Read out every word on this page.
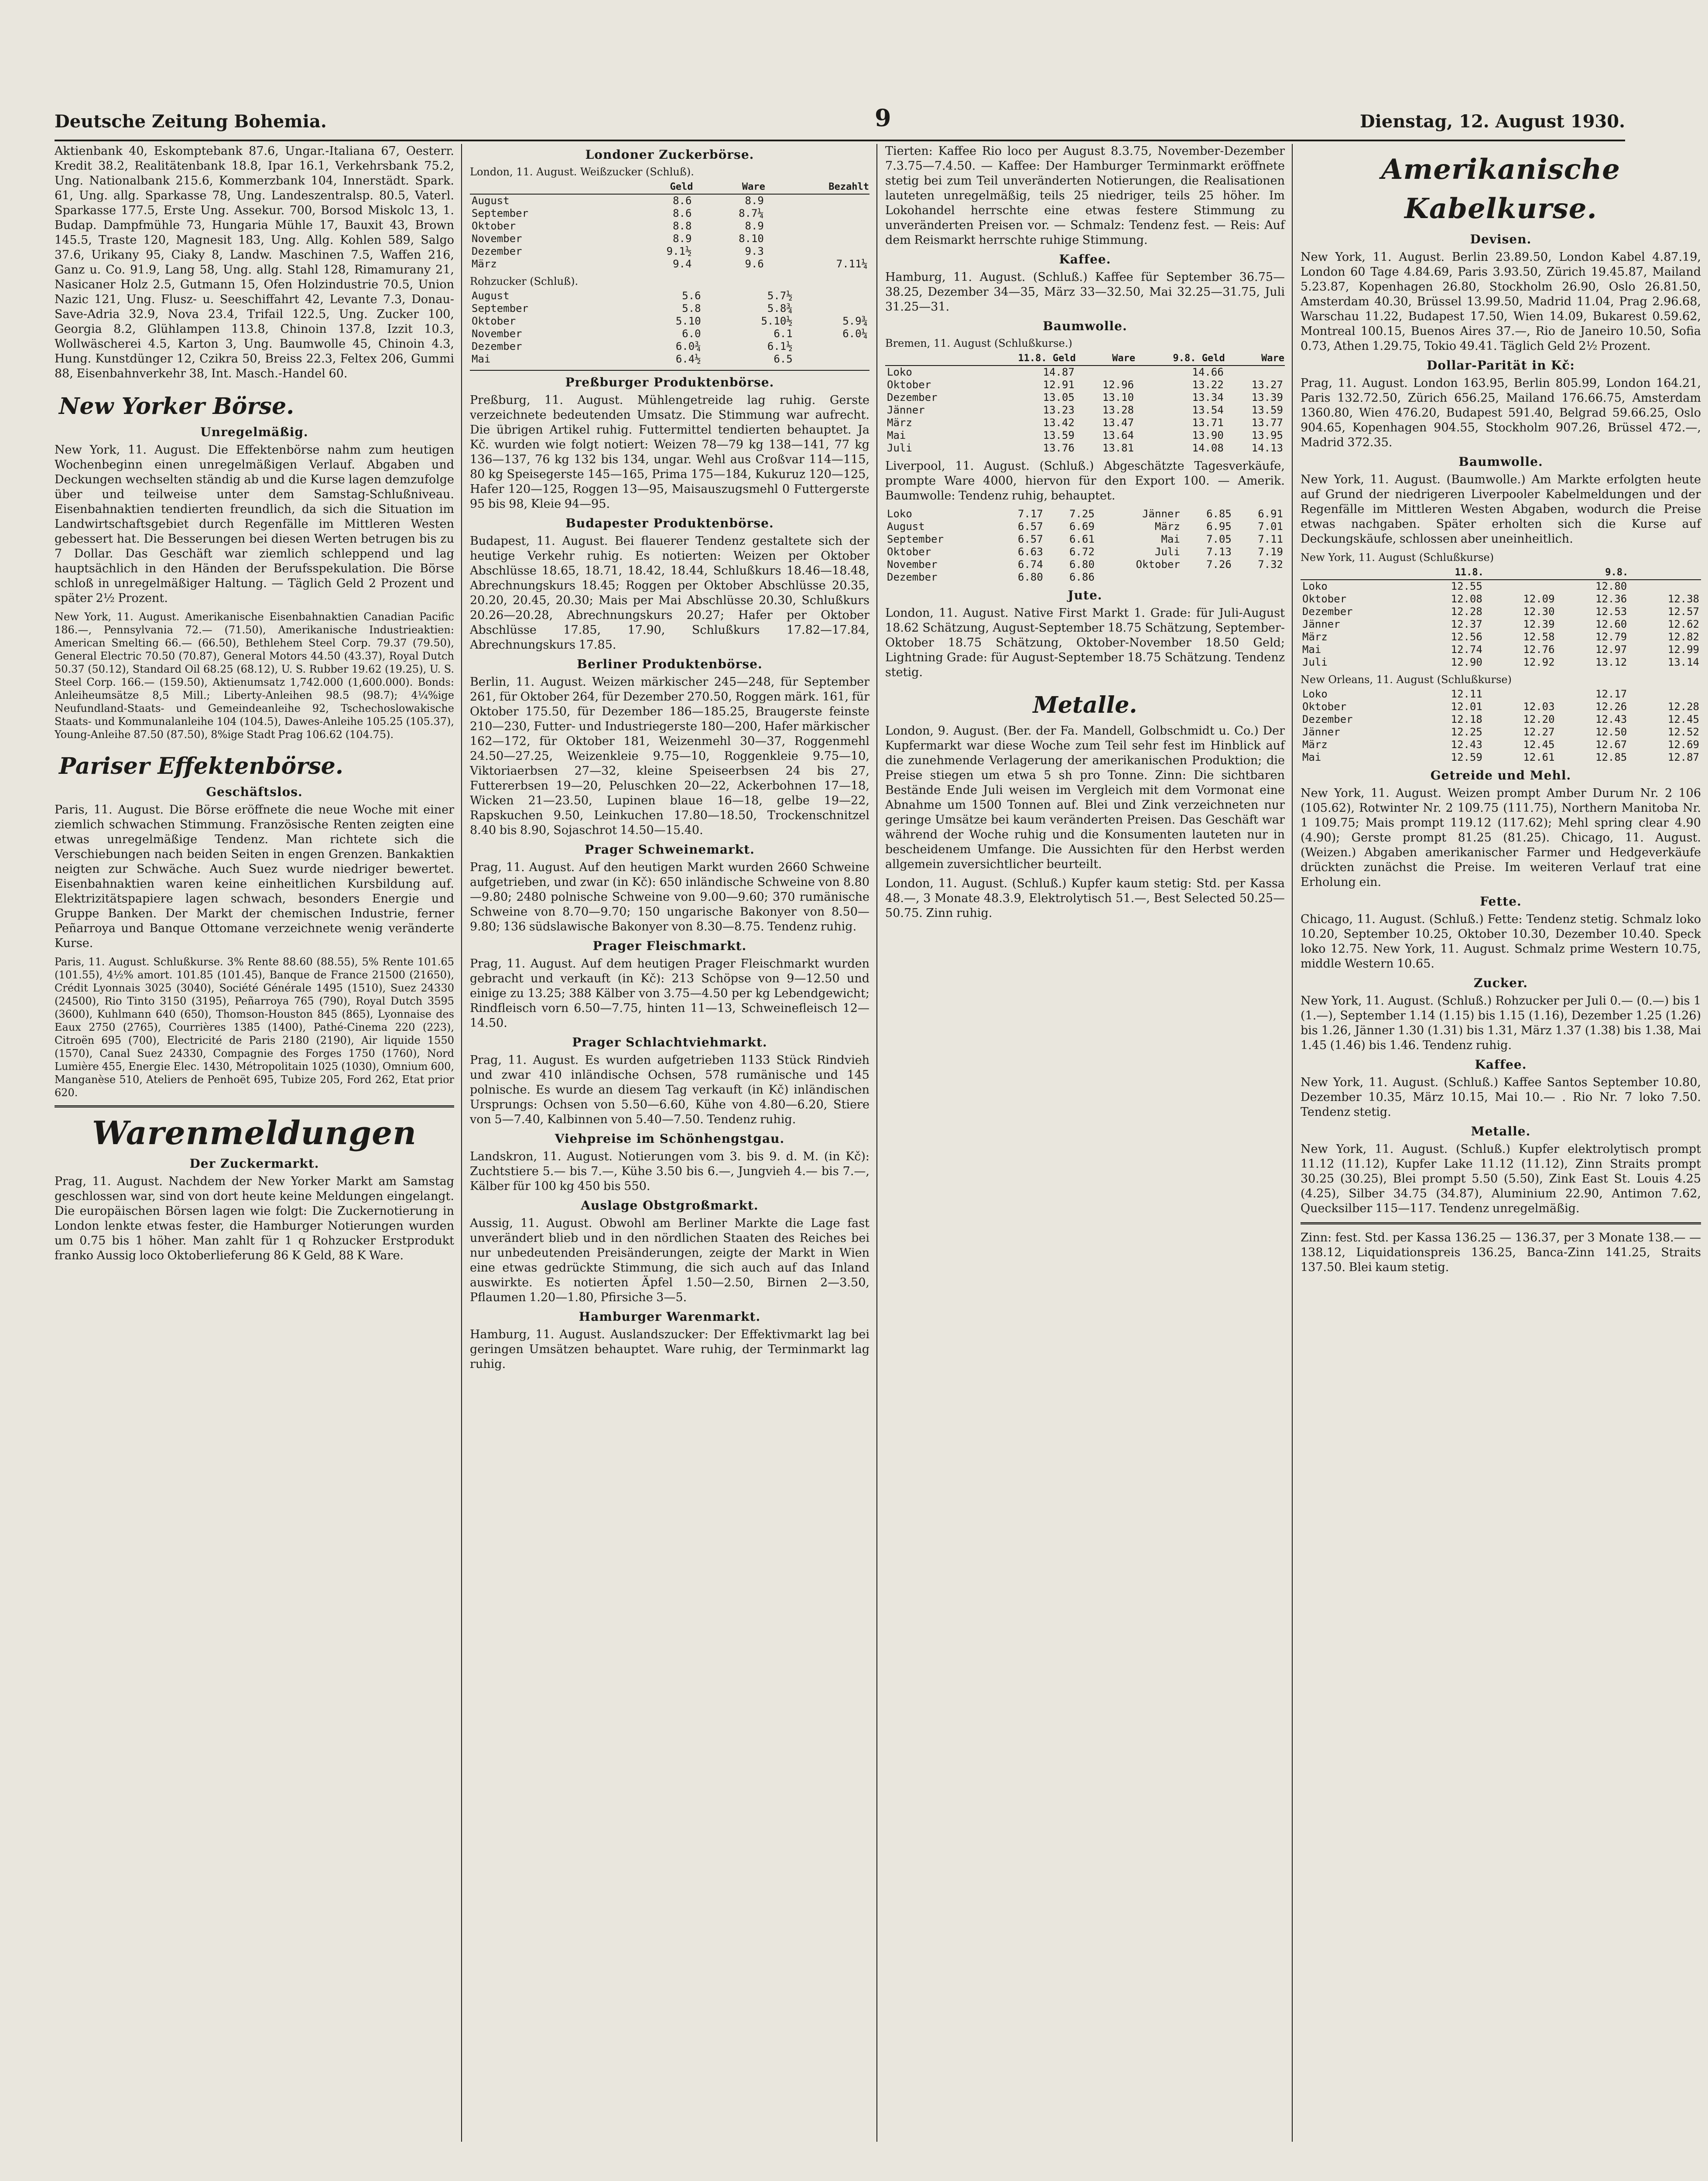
Deutsche Zeitung Bohemia.	9	Dienstag, 12. August 1930.

Aktienbank 40, Eskomptebank 87.6, Ungar.-Italiana 67, Oesterr. Kredit 38.2, Realitätenbank 18.8, Ipar 16.1, Verkehrsbank 75.2, Ung. Nationalbank 215.6, Kommerzbank 104, Innerstädt. Spark. 61, Ung. allg. Sparkasse 78, Ung. Landeszentralsp. 80.5, Vaterl. Sparkasse 177.5, Erste Ung. Assekur. 700, Borsod Miskolc 13, 1. Budap. Dampfmühle 73, Hungaria Mühle 17, Bauxit 43, Brown 145.5, Traste 120, Magnesit 183, Ung. Allg. Kohlen 589, Salgo 37.6, Urikany 95, Ciaky 8, Landw. Maschinen 7.5, Waffen 216, Ganz u. Co. 91.9, Lang 58, Ung. allg. Stahl 128, Rimamurany 21, Nasicaner Holz 2.5, Gutmann 15, Ofen Holzindustrie 70.5, Union Nazic 121, Ung. Flusz- u. Seeschiffahrt 42, Levante 7.3, Donau-Save-Adria 32.9, Nova 23.4, Trifail 122.5, Ung. Zucker 100, Georgia 8.2, Glühlampen 113.8, Chinoin 137.8, Izzit 10.3, Wollwäscherei 4.5, Karton 3, Ung. Baumwolle 45, Chinoin 4.3, Hung. Kunstdünger 12, Czikra 50, Breiss 22.3, Feltex 206, Gummi 88, Eisenbahnverkehr 38, Int. Masch.-Handel 60.

New Yorker Börse.
Unregelmäßig.

New York, 11. August. Die Effektenbörse nahm zum heutigen Wochenbeginn einen unregelmäßigen Verlauf. Abgaben und Deckungen wechselten ständig ab und die Kurse lagen demzufolge über und teilweise unter dem Samstag-Schlußniveau. Eisenbahnaktien tendierten freundlich, da sich die Situation im Landwirtschaftsgebiet durch Regenfälle im Mittleren Westen gebessert hat. Die Besserungen bei diesen Werten betrugen bis zu 7 Dollar. Das Geschäft war ziemlich schleppend und lag hauptsächlich in den Händen der Berufsspekulation. Die Börse schloß in unregelmäßiger Haltung. — Täglich Geld 2 Prozent und später 2½ Prozent.

New York, 11. August. Amerikanische Eisenbahnaktien Canadian Pacific 186.—, Pennsylvania 72.— (71.50), Amerikanische Industrieaktien: American Smelting 66.— (66.50), Bethlehem Steel Corp. 79.37 (79.50), General Electric 70.50 (70.87), General Motors 44.50 (43.37), Royal Dutch 50.37 (50.12), Standard Oil 68.25 (68.12), U. S. Rubber 19.62 (19.25), U. S. Steel Corp. 166.— (159.50), Aktienumsatz 1,742.000 (1,600.000). Bonds: Anleiheumsätze 8,5 Mill.; Liberty-Anleihen 98.5 (98.7); 4¼%ige Neufundland-Staats- und Gemeindeanleihe 92, Tschechoslowakische Staats- und Kommunalanleihe 104 (104.5), Dawes-Anleihe 105.25 (105.37), Young-Anleihe 87.50 (87.50), 8%ige Stadt Prag 106.62 (104.75).

Pariser Effektenbörse.
Geschäftslos.

Paris, 11. August. Die Börse eröffnete die neue Woche mit einer ziemlich schwachen Stimmung. Französische Renten zeigten eine etwas unregelmäßige Tendenz. Man richtete sich die Verschiebungen nach beiden Seiten in engen Grenzen. Bankaktien neigten zur Schwäche. Auch Suez wurde niedriger bewertet. Eisenbahnaktien waren keine einheitlichen Kursbildung auf. Elektrizitätspapiere lagen schwach, besonders Energie und Gruppe Banken. Der Markt der chemischen Industrie, ferner Peñarroya und Banque Ottomane verzeichnete wenig veränderte Kurse.

Paris, 11. August. Schlußkurse. 3% Rente 88.60 (88.55), 5% Rente 101.65 (101.55), 4½% amort. 101.85 (101.45), Banque de France 21500 (21650), Crédit Lyonnais 3025 (3040), Société Générale 1495 (1510), Suez 24330 (24500), Rio Tinto 3150 (3195), Peñarroya 765 (790), Royal Dutch 3595 (3600), Kuhlmann 640 (650), Thomson-Houston 845 (865), Lyonnaise des Eaux 2750 (2765), Courrières 1385 (1400), Pathé-Cinema 220 (223), Citroën 695 (700), Electricité de Paris 2180 (2190), Air liquide 1550 (1570), Canal Suez 24330, Compagnie des Forges 1750 (1760), Nord Lumière 455, Energie Elec. 1430, Métropolitain 1025 (1030), Omnium 600, Manganèse 510, Ateliers de Penhoët 695, Tubize 205, Ford 262, Etat prior 620.

Warenmeldungen
Der Zuckermarkt.

Prag, 11. August. Nachdem der New Yorker Markt am Samstag geschlossen war, sind von dort heute keine Meldungen eingelangt. Die europäischen Börsen lagen wie folgt: Die Zuckernotierung in London lenkte etwas fester, die Hamburger Notierungen wurden um 0.75 bis 1 höher. Man zahlt für 1 q Rohzucker Erstprodukt franko Aussig loco Oktoberlieferung 86 K Geld, 88 K Ware.

Londoner Zuckerbörse.
London, 11. August. Weißzucker (Schluß).
	Geld	Ware	Bezahlt
August	8.6	8.9	
September	8.6	8.7¼	
Oktober	8.8	8.9	
November	8.9	8.10	
Dezember	9.1½	9.3	
März	9.4	9.6	7.11¼
Rohzucker (Schluß).
August	5.6	5.7½	
September	5.8	5.8¾	
Oktober	5.10	5.10½	5.9¾
November	6.0	6.1	6.0¼
Dezember	6.0¾	6.1½	
Mai	6.4½	6.5	
Preßburger Produktenbörse.

Preßburg, 11. August. Mühlengetreide lag ruhig. Gerste verzeichnete bedeutenden Umsatz. Die Stimmung war aufrecht. Die übrigen Artikel ruhig. Futtermittel tendierten behauptet. Ja Kč. wurden wie folgt notiert: Weizen 78—79 kg 138—141, 77 kg 136—137, 76 kg 132 bis 134, ungar. Wehl aus Croßvar 114—115, 80 kg Speisegerste 145—165, Prima 175—184, Kukuruz 120—125, Hafer 120—125, Roggen 13—95, Maisauszugsmehl 0 Futtergerste 95 bis 98, Kleie 94—95.

Budapester Produktenbörse.

Budapest, 11. August. Bei flauerer Tendenz gestaltete sich der heutige Verkehr ruhig. Es notierten: Weizen per Oktober Abschlüsse 18.65, 18.71, 18.42, 18.44, Schlußkurs 18.46—18.48, Abrechnungskurs 18.45; Roggen per Oktober Abschlüsse 20.35, 20.20, 20.45, 20.30; Mais per Mai Abschlüsse 20.30, Schlußkurs 20.26—20.28, Abrechnungskurs 20.27; Hafer per Oktober Abschlüsse 17.85, 17.90, Schlußkurs 17.82—17.84, Abrechnungskurs 17.85.

Berliner Produktenbörse.

Berlin, 11. August. Weizen märkischer 245—248, für September 261, für Oktober 264, für Dezember 270.50, Roggen märk. 161, für Oktober 175.50, für Dezember 186—185.25, Braugerste feinste 210—230, Futter- und Industriegerste 180—200, Hafer märkischer 162—172, für Oktober 181, Weizenmehl 30—37, Roggenmehl 24.50—27.25, Weizenkleie 9.75—10, Roggenkleie 9.75—10, Viktoriaerbsen 27—32, kleine Speiseerbsen 24 bis 27, Futtererbsen 19—20, Peluschken 20—22, Ackerbohnen 17—18, Wicken 21—23.50, Lupinen blaue 16—18, gelbe 19—22, Rapskuchen 9.50, Leinkuchen 17.80—18.50, Trockenschnitzel 8.40 bis 8.90, Sojaschrot 14.50—15.40.

Prager Schweinemarkt.

Prag, 11. August. Auf den heutigen Markt wurden 2660 Schweine aufgetrieben, und zwar (in Kč): 650 inländische Schweine von 8.80—9.80; 2480 polnische Schweine von 9.00—9.60; 370 rumänische Schweine von 8.70—9.70; 150 ungarische Bakonyer von 8.50—9.80; 136 südslawische Bakonyer von 8.30—8.75. Tendenz ruhig.

Prager Fleischmarkt.

Prag, 11. August. Auf dem heutigen Prager Fleischmarkt wurden gebracht und verkauft (in Kč): 213 Schöpse von 9—12.50 und einige zu 13.25; 388 Kälber von 3.75—4.50 per kg Lebendgewicht; Rindfleisch vorn 6.50—7.75, hinten 11—13, Schweinefleisch 12—14.50.

Prager Schlachtviehmarkt.

Prag, 11. August. Es wurden aufgetrieben 1133 Stück Rindvieh und zwar 410 inländische Ochsen, 578 rumänische und 145 polnische. Es wurde an diesem Tag verkauft (in Kč) inländischen Ursprungs: Ochsen von 5.50—6.60, Kühe von 4.80—6.20, Stiere von 5—7.40, Kalbinnen von 5.40—7.50. Tendenz ruhig.

Viehpreise im Schönhengstgau.

Landskron, 11. August. Notierungen vom 3. bis 9. d. M. (in Kč): Zuchtstiere 5.— bis 7.—, Kühe 3.50 bis 6.—, Jungvieh 4.— bis 7.—, Kälber für 100 kg 450 bis 550.

Auslage Obstgroßmarkt.

Aussig, 11. August. Obwohl am Berliner Markte die Lage fast unverändert blieb und in den nördlichen Staaten des Reiches bei nur unbedeutenden Preisänderungen, zeigte der Markt in Wien eine etwas gedrückte Stimmung, die sich auch auf das Inland auswirkte. Es notierten Äpfel 1.50—2.50, Birnen 2—3.50, Pflaumen 1.20—1.80, Pfirsiche 3—5.

Hamburger Warenmarkt.

Hamburg, 11. August. Auslandszucker: Der Effektivmarkt lag bei geringen Umsätzen behauptet. Ware ruhig, der Terminmarkt lag ruhig.

Tierten: Kaffee Rio loco per August 8.3.75, November-Dezember 7.3.75—7.4.50. — Kaffee: Der Hamburger Terminmarkt eröffnete stetig bei zum Teil unveränderten Notierungen, die Realisationen lauteten unregelmäßig, teils 25 niedriger, teils 25 höher. Im Lokohandel herrschte eine etwas festere Stimmung zu unveränderten Preisen vor. — Schmalz: Tendenz fest. — Reis: Auf dem Reismarkt herrschte ruhige Stimmung.

Kaffee.

Hamburg, 11. August. (Schluß.) Kaffee für September 36.75—38.25, Dezember 34—35, März 33—32.50, Mai 32.25—31.75, Juli 31.25—31.

Baumwolle.
Bremen, 11. August (Schlußkurse.)
	11.8. Geld	Ware	9.8. Geld	Ware
Loko	14.87		14.66	
Oktober	12.91	12.96	13.22	13.27
Dezember	13.05	13.10	13.34	13.39
Jänner	13.23	13.28	13.54	13.59
März	13.42	13.47	13.71	13.77
Mai	13.59	13.64	13.90	13.95
Juli	13.76	13.81	14.08	14.13

Liverpool, 11. August. (Schluß.) Abgeschätzte Tagesverkäufe, prompte Ware 4000, hiervon für den Export 100. — Amerik. Baumwolle: Tendenz ruhig, behauptet.

Loko	7.17	7.25	Jänner	6.85	6.91
August	6.57	6.69	März	6.95	7.01
September	6.57	6.61	Mai	7.05	7.11
Oktober	6.63	6.72	Juli	7.13	7.19
November	6.74	6.80	Oktober	7.26	7.32
Dezember	6.80	6.86			
Jute.

London, 11. August. Native First Markt 1. Grade: für Juli-August 18.62 Schätzung, August-September 18.75 Schätzung, September-Oktober 18.75 Schätzung, Oktober-November 18.50 Geld; Lightning Grade: für August-September 18.75 Schätzung. Tendenz stetig.

Metalle.

London, 9. August. (Ber. der Fa. Mandell, Golbschmidt u. Co.) Der Kupfermarkt war diese Woche zum Teil sehr fest im Hinblick auf die zunehmende Verlagerung der amerikanischen Produktion; die Preise stiegen um etwa 5 sh pro Tonne. Zinn: Die sichtbaren Bestände Ende Juli weisen im Vergleich mit dem Vormonat eine Abnahme um 1500 Tonnen auf. Blei und Zink verzeichneten nur geringe Umsätze bei kaum veränderten Preisen. Das Geschäft war während der Woche ruhig und die Konsumenten lauteten nur in bescheidenem Umfange. Die Aussichten für den Herbst werden allgemein zuversichtlicher beurteilt.

London, 11. August. (Schluß.) Kupfer kaum stetig: Std. per Kassa 48.—, 3 Monate 48.3.9, Elektrolytisch 51.—, Best Selected 50.25—50.75. Zinn ruhig.

Amerikanische Kabelkurse.
Devisen.

New York, 11. August. Berlin 23.89.50, London Kabel 4.87.19, London 60 Tage 4.84.69, Paris 3.93.50, Zürich 19.45.87, Mailand 5.23.87, Kopenhagen 26.80, Stockholm 26.90, Oslo 26.81.50, Amsterdam 40.30, Brüssel 13.99.50, Madrid 11.04, Prag 2.96.68, Warschau 11.22, Budapest 17.50, Wien 14.09, Bukarest 0.59.62, Montreal 100.15, Buenos Aires 37.—, Rio de Janeiro 10.50, Sofia 0.73, Athen 1.29.75, Tokio 49.41. Täglich Geld 2½ Prozent.

Dollar-Parität in Kč:

Prag, 11. August. London 163.95, Berlin 805.99, London 164.21, Paris 132.72.50, Zürich 656.25, Mailand 176.66.75, Amsterdam 1360.80, Wien 476.20, Budapest 591.40, Belgrad 59.66.25, Oslo 904.65, Kopenhagen 904.55, Stockholm 907.26, Brüssel 472.—, Madrid 372.35.

Baumwolle.

New York, 11. August. (Baumwolle.) Am Markte erfolgten heute auf Grund der niedrigeren Liverpooler Kabelmeldungen und der Regenfälle im Mittleren Westen Abgaben, wodurch die Preise etwas nachgaben. Später erholten sich die Kurse auf Deckungskäufe, schlossen aber uneinheitlich.

New York, 11. August (Schlußkurse)
	11.8.		9.8.	
Loko	12.55		12.80	
Oktober	12.08	12.09	12.36	12.38
Dezember	12.28	12.30	12.53	12.57
Jänner	12.37	12.39	12.60	12.62
März	12.56	12.58	12.79	12.82
Mai	12.74	12.76	12.97	12.99
Juli	12.90	12.92	13.12	13.14
New Orleans, 11. August (Schlußkurse)
Loko	12.11		12.17	
Oktober	12.01	12.03	12.26	12.28
Dezember	12.18	12.20	12.43	12.45
Jänner	12.25	12.27	12.50	12.52
März	12.43	12.45	12.67	12.69
Mai	12.59	12.61	12.85	12.87
Getreide und Mehl.

New York, 11. August. Weizen prompt Amber Durum Nr. 2 106 (105.62), Rotwinter Nr. 2 109.75 (111.75), Northern Manitoba Nr. 1 109.75; Mais prompt 119.12 (117.62); Mehl spring clear 4.90 (4.90); Gerste prompt 81.25 (81.25). Chicago, 11. August. (Weizen.) Abgaben amerikanischer Farmer und Hedgeverkäufe drückten zunächst die Preise. Im weiteren Verlauf trat eine Erholung ein.

Fette.

Chicago, 11. August. (Schluß.) Fette: Tendenz stetig. Schmalz loko 10.20, September 10.25, Oktober 10.30, Dezember 10.40. Speck loko 12.75. New York, 11. August. Schmalz prime Western 10.75, middle Western 10.65.

Zucker.

New York, 11. August. (Schluß.) Rohzucker per Juli 0.— (0.—) bis 1 (1.—), September 1.14 (1.15) bis 1.15 (1.16), Dezember 1.25 (1.26) bis 1.26, Jänner 1.30 (1.31) bis 1.31, März 1.37 (1.38) bis 1.38, Mai 1.45 (1.46) bis 1.46. Tendenz ruhig.

Kaffee.

New York, 11. August. (Schluß.) Kaffee Santos September 10.80, Dezember 10.35, März 10.15, Mai 10.— . Rio Nr. 7 loko 7.50. Tendenz stetig.

Metalle.

New York, 11. August. (Schluß.) Kupfer elektrolytisch prompt 11.12 (11.12), Kupfer Lake 11.12 (11.12), Zinn Straits prompt 30.25 (30.25), Blei prompt 5.50 (5.50), Zink East St. Louis 4.25 (4.25), Silber 34.75 (34.87), Aluminium 22.90, Antimon 7.62, Quecksilber 115—117. Tendenz unregelmäßig.

Zinn: fest. Std. per Kassa 136.25 — 136.37, per 3 Monate 138.— — 138.12, Liquidationspreis 136.25, Banca-Zinn 141.25, Straits 137.50. Blei kaum stetig.
